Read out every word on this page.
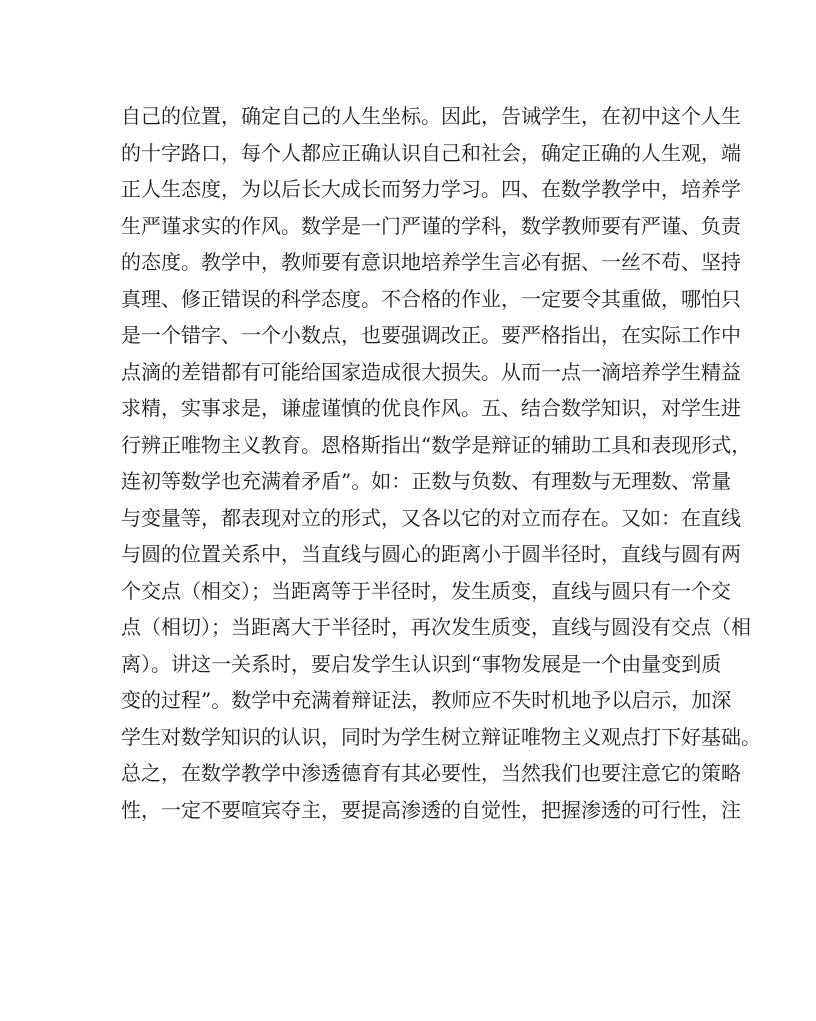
自己的位置，确定自己的人生坐标。因此，告诫学生，在初中这个人生
的十字路口，每个人都应正确认识自己和社会，确定正确的人生观，端
正人生态度，为以后长大成长而努力学习。四、在数学教学中，培养学
生严谨求实的作风。数学是一门严谨的学科，数学教师要有严谨、负责
的态度。教学中，教师要有意识地培养学生言必有据、一丝不苟、坚持
真理、修正错误的科学态度。不合格的作业，一定要令其重做，哪怕只
是一个错字、一个小数点，也要强调改正。要严格指出，在实际工作中
点滴的差错都有可能给国家造成很大损失。从而一点一滴培养学生精益
求精，实事求是，谦虚谨慎的优良作风。五、结合数学知识，对学生进
行辨正唯物主义教育。恩格斯指出“数学是辩证的辅助工具和表现形式，
连初等数学也充满着矛盾”。如：正数与负数、有理数与无理数、常量
与变量等，都表现对立的形式，又各以它的对立而存在。又如：在直线
与圆的位置关系中，当直线与圆心的距离小于圆半径时，直线与圆有两
个交点（相交）；当距离等于半径时，发生质变，直线与圆只有一个交
点（相切）；当距离大于半径时，再次发生质变，直线与圆没有交点（相
离）。讲这一关系时，要启发学生认识到“事物发展是一个由量变到质
变的过程”。数学中充满着辩证法，教师应不失时机地予以启示，加深
学生对数学知识的认识，同时为学生树立辩证唯物主义观点打下好基础。
总之，在数学教学中渗透德育有其必要性，当然我们也要注意它的策略
性，一定不要喧宾夺主，要提高渗透的自觉性，把握渗透的可行性，注
